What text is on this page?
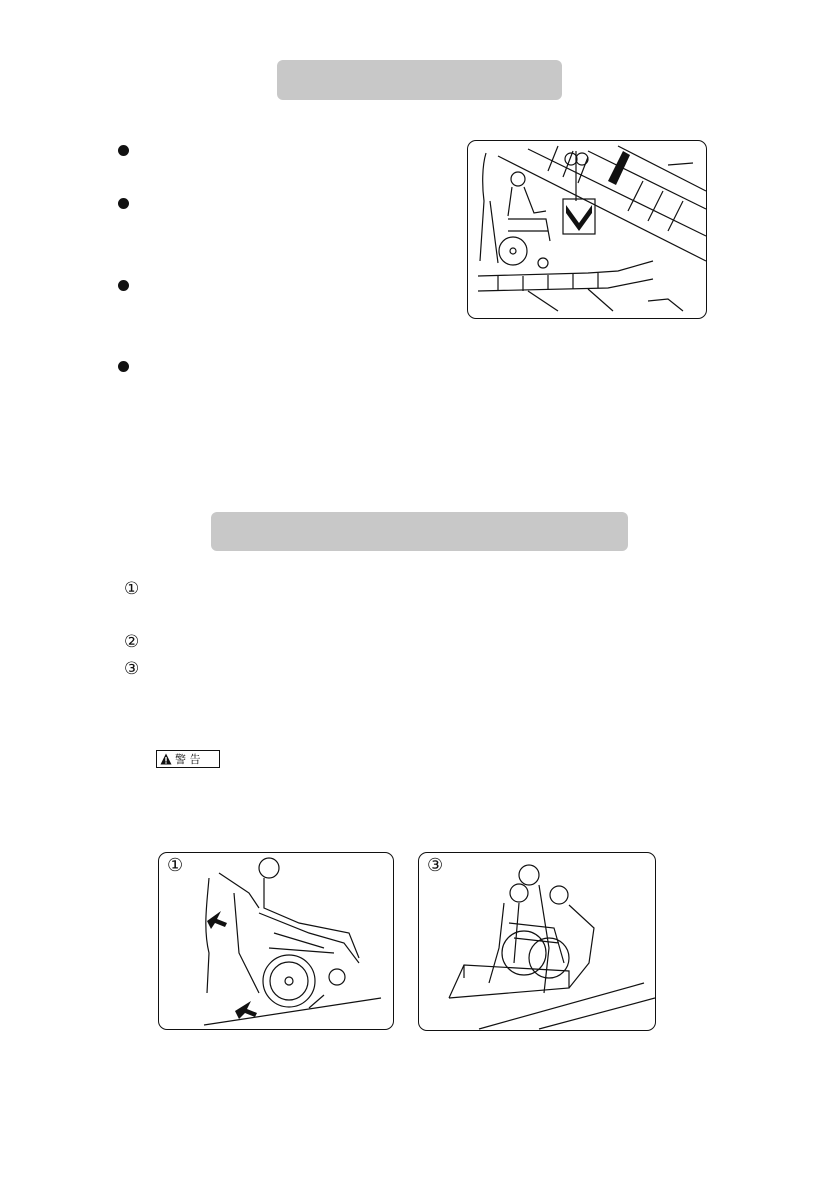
①
②
③
警 告
①	③
